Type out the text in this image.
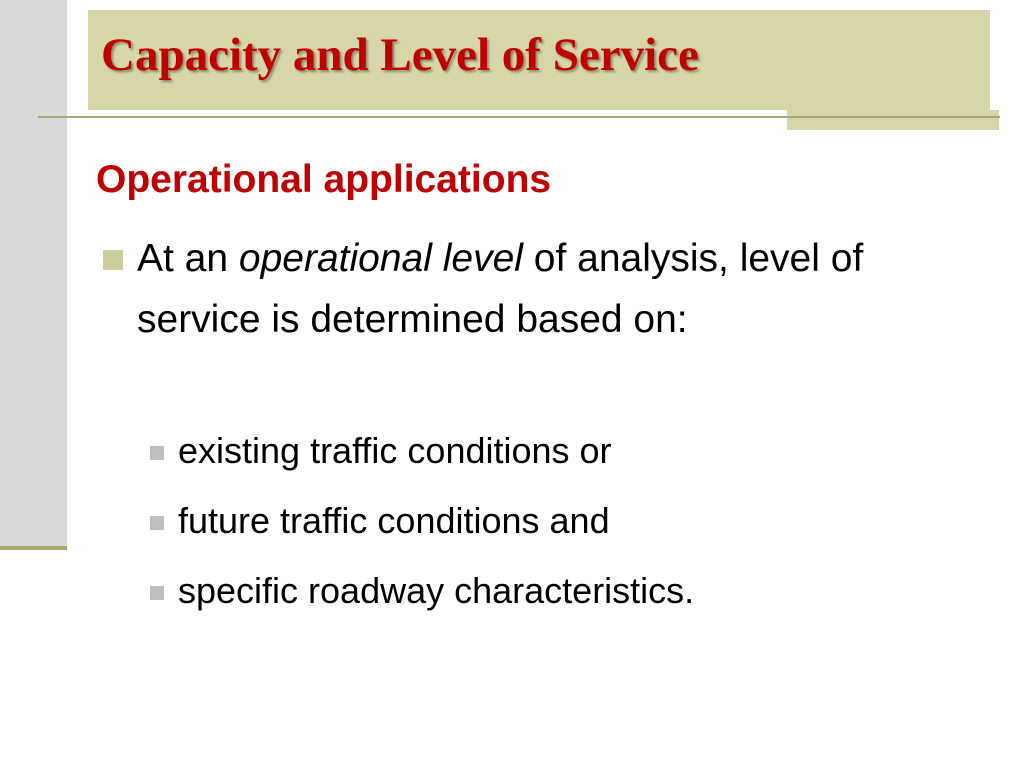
Capacity and Level of Service
Operational applications
At an operational level of analysis, level of service is determined based on:
existing traffic conditions or
future traffic conditions and
specific roadway characteristics.
